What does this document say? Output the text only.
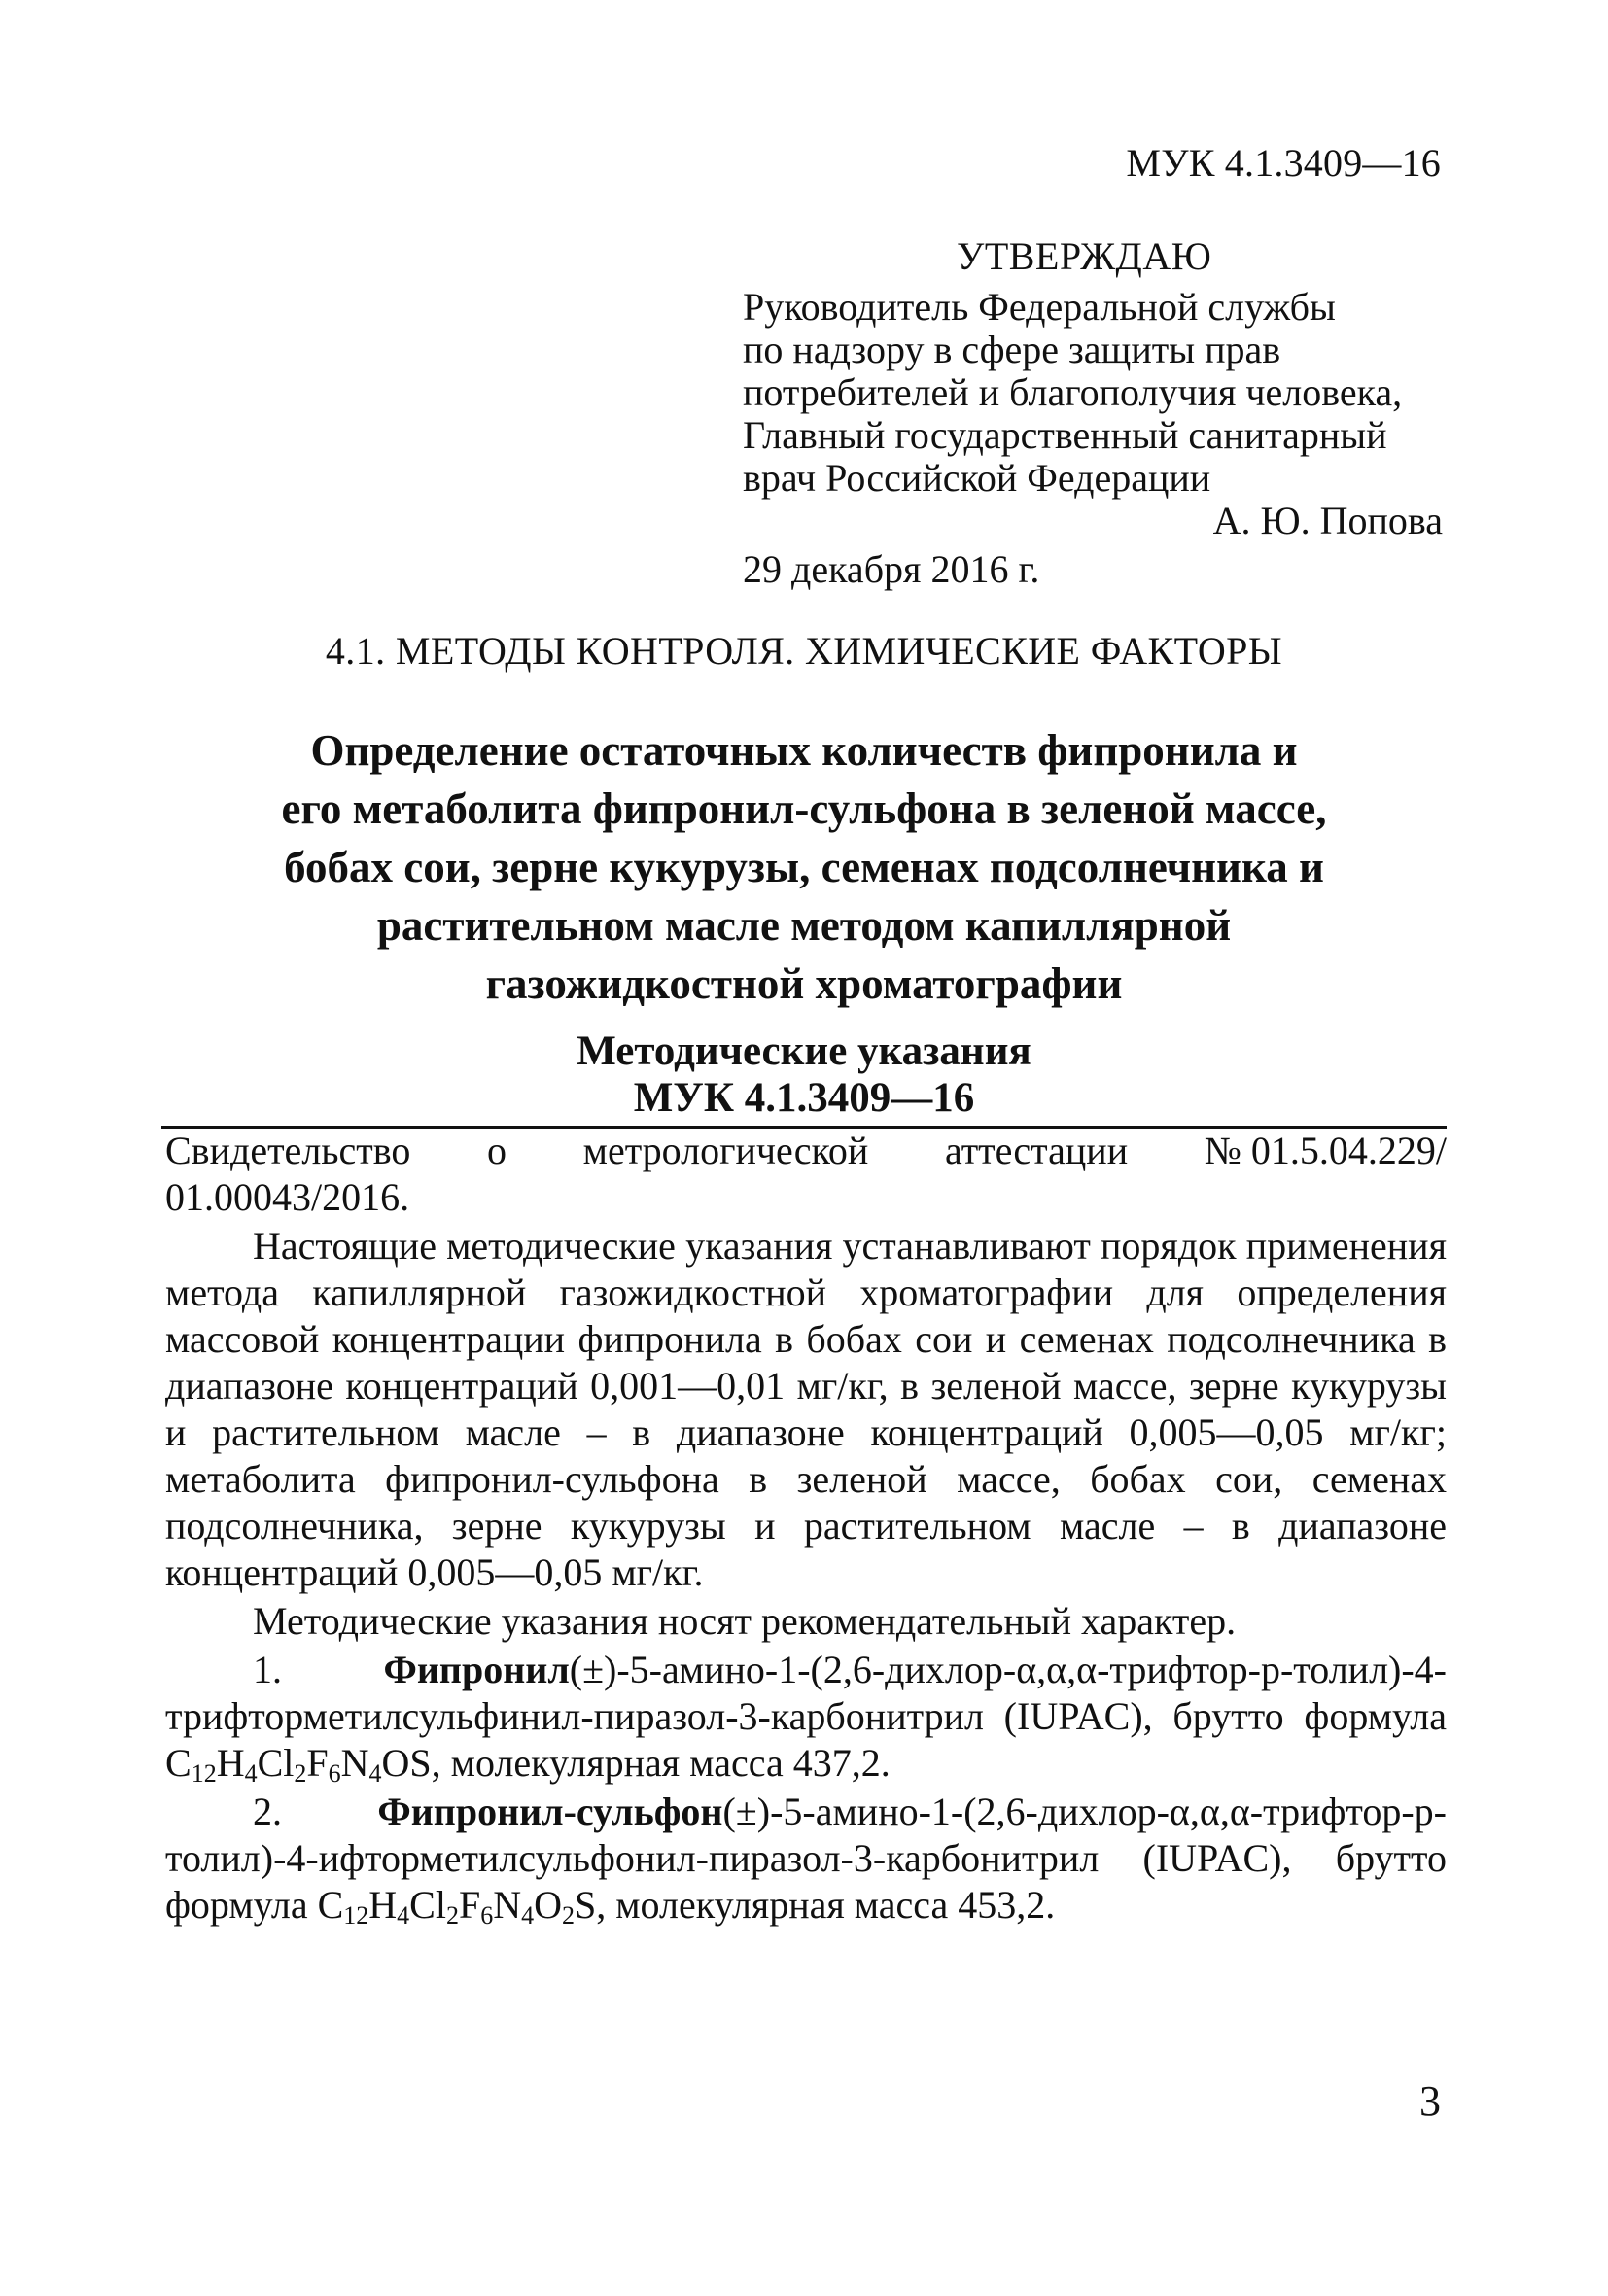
МУК 4.1.3409—16
УТВЕРЖДАЮ
Руководитель Федеральной службы
по надзору в сфере защиты прав
потребителей и благополучия человека,
Главный государственный санитарный
врач Российской Федерации
А. Ю. Попова
29 декабря 2016 г.
4.1. МЕТОДЫ КОНТРОЛЯ. ХИМИЧЕСКИЕ ФАКТОРЫ
Определение остаточных количеств фипронила и
его метаболита фипронил-сульфона в зеленой массе,
бобах сои, зерне кукурузы, семенах подсолнечника и
растительном масле методом капиллярной
газожидкостной хроматографии
Методические указания
МУК 4.1.3409—16
Свидетельство о метрологической аттестации № 01.5.04.229/

01.00043/2016.

Настоящие методические указания устанавливают порядок применения метода капиллярной газожидкостной хроматографии для определения массовой концентрации фипронила в бобах сои и семенах подсолнечника в диапазоне концентраций 0,001—0,01 мг/кг, в зеленой массе, зерне кукурузы и растительном масле – в диапазоне концентраций 0,005—0,05 мг/кг; метаболита фипронил-сульфона в зеленой массе, бобах сои, семенах подсолнечника, зерне кукурузы и растительном масле – в диапазоне концентраций 0,005—0,05 мг/кг.

Методические указания носят рекомендательный характер.

1.	Фипронил(±)-5-амино-1-(2,6-дихлор-α,α,α-трифтор-p-толил)-4-трифторметилсульфинил-пиразол-3-карбонитрил (IUPAC), брутто формула $C_{12}H_4Cl_2F_6N_4OS$, молекулярная масса 437,2.

2. Фипронил-сульфон(±)-5-амино-1-(2,6-дихлор-α,α,α-трифтор-p-толил)-4-ифторметилсульфонил-пиразол-3-карбонитрил (IUPAC), брутто формула $C_{12}H_4Cl_2F_6N_4O_2S$, молекулярная масса 453,2.

3
